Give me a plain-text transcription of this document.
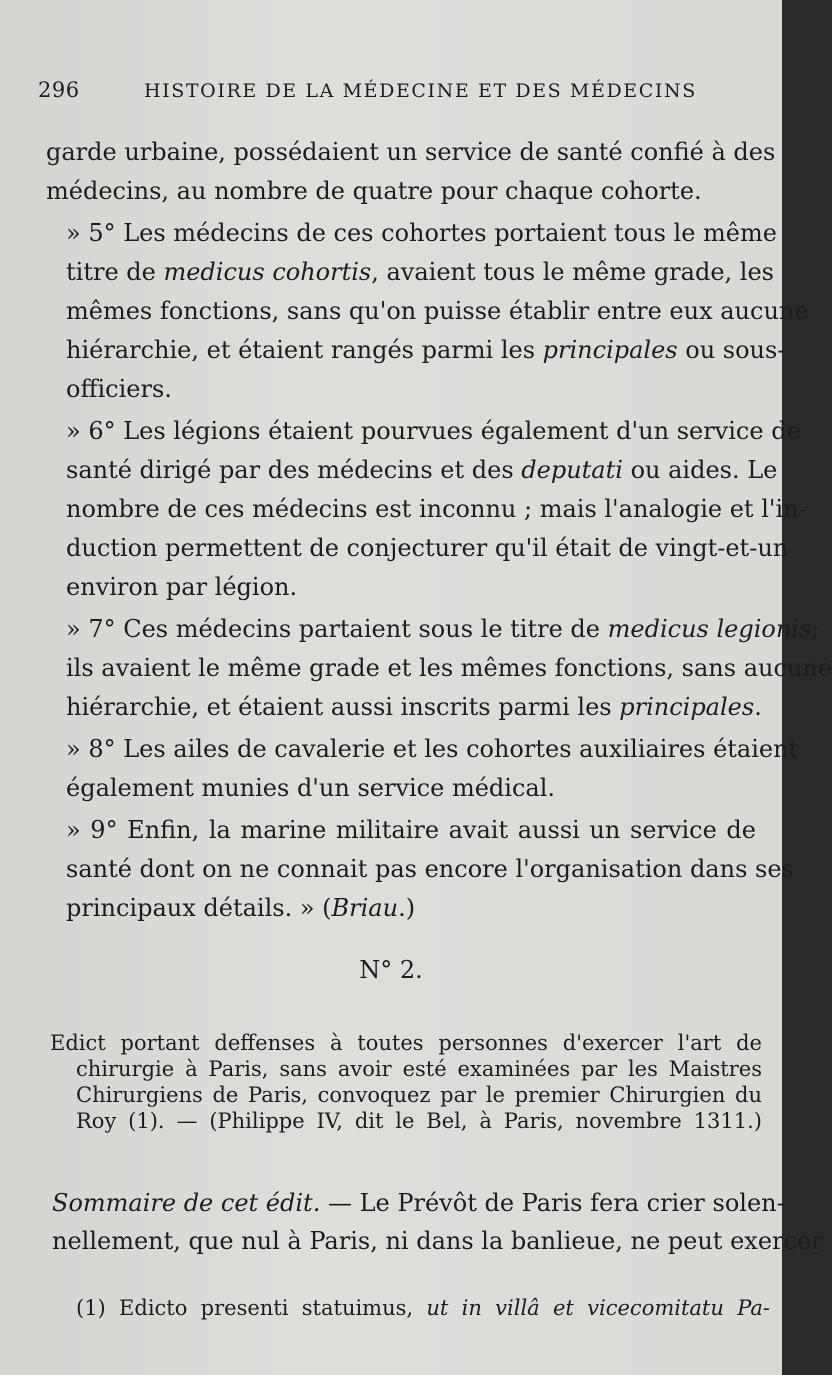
296	HISTOIRE DE LA MÉDECINE ET DES MÉDECINS

garde urbaine, possédaient un service de santé confié à des
médecins, au nombre de quatre pour chaque cohorte.

» 5° Les médecins de ces cohortes portaient tous le même
titre de medicus cohortis, avaient tous le même grade, les
mêmes fonctions, sans qu'on puisse établir entre eux aucune
hiérarchie, et étaient rangés parmi les principales ou sous-
officiers.

» 6° Les légions étaient pourvues également d'un service de
santé dirigé par des médecins et des deputati ou aides. Le
nombre de ces médecins est inconnu ; mais l'analogie et l'in-
duction permettent de conjecturer qu'il était de vingt-et-un
environ par légion.

» 7° Ces médecins partaient sous le titre de medicus legionis;
ils avaient le même grade et les mêmes fonctions, sans aucune
hiérarchie, et étaient aussi inscrits parmi les principales.

» 8° Les ailes de cavalerie et les cohortes auxiliaires étaient
également munies d'un service médical.

» 9° Enfin, la marine militaire avait aussi un service de
santé dont on ne connait pas encore l'organisation dans ses
principaux détails. » (Briau.)

N° 2.
Edict portant deffenses à toutes personnes d'exercer l'art de
chirurgie à Paris, sans avoir esté examinées par les Maistres
Chirurgiens de Paris, convoquez par le premier Chirurgien du
Roy (1). — (Philippe IV, dit le Bel, à Paris, novembre 1311.)
Sommaire de cet édit. — Le Prévôt de Paris fera crier solen-
nellement, que nul à Paris, ni dans la banlieue, ne peut exercer
(1) Edicto presenti statuimus, ut in villâ et vicecomitatu Pa-
